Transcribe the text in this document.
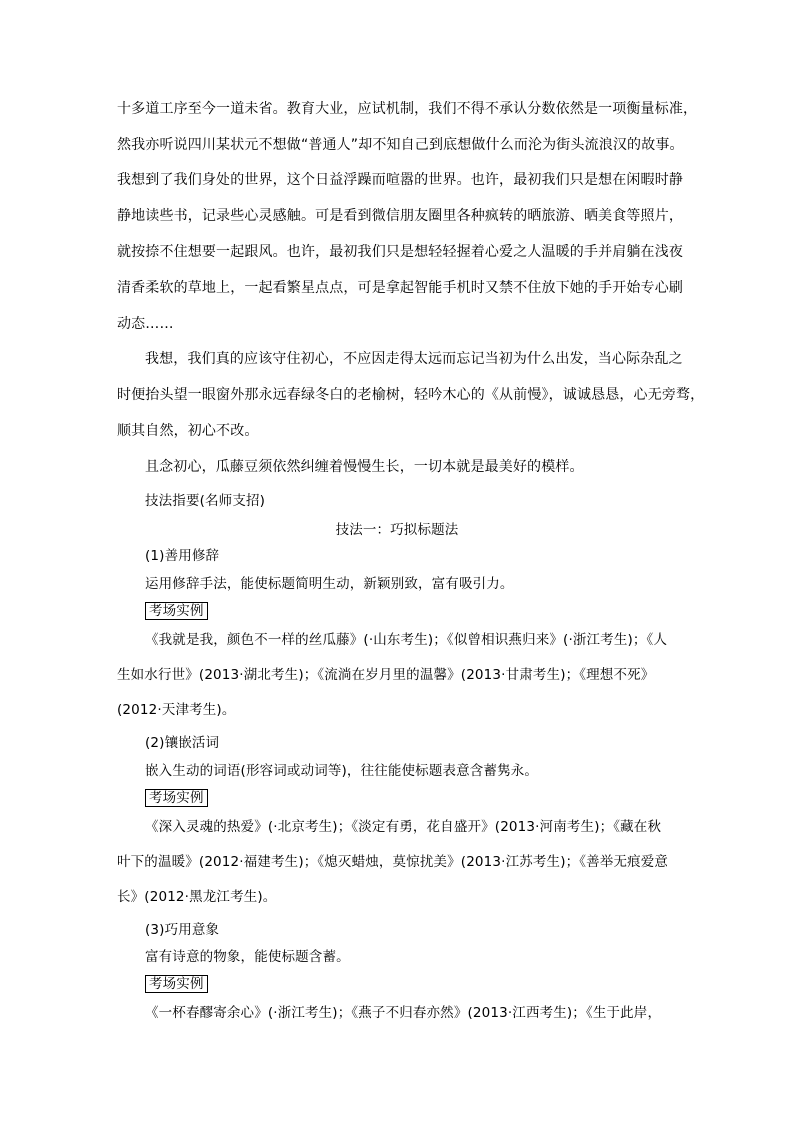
十多道工序至今一道未省。教育大业，应试机制，我们不得不承认分数依然是一项衡量标准，
然我亦听说四川某状元不想做“普通人”却不知自己到底想做什么而沦为街头流浪汉的故事。
我想到了我们身处的世界，这个日益浮躁而喧嚣的世界。也许，最初我们只是想在闲暇时静
静地读些书，记录些心灵感触。可是看到微信朋友圈里各种疯转的晒旅游、晒美食等照片，
就按捺不住想要一起跟风。也许，最初我们只是想轻轻握着心爱之人温暖的手并肩躺在浅夜
清香柔软的草地上，一起看繁星点点，可是拿起智能手机时又禁不住放下她的手开始专心刷
动态……
我想，我们真的应该守住初心，不应因走得太远而忘记当初为什么出发，当心际杂乱之
时便抬头望一眼窗外那永远春绿冬白的老榆树，轻吟木心的《从前慢》，诚诚恳恳，心无旁骛，
顺其自然，初心不改。
且念初心，瓜藤豆须依然纠缠着慢慢生长，一切本就是最美好的模样。
技法指要(名师支招)
技法一：巧拟标题法
(1)善用修辞
运用修辞手法，能使标题简明生动，新颖别致，富有吸引力。
考场实例
《我就是我，颜色不一样的丝瓜藤》(·山东考生)；《似曾相识燕归来》(·浙江考生)；《人
生如水行世》(2013·湖北考生)；《流淌在岁月里的温馨》(2013·甘肃考生)；《理想不死》
(2012·天津考生)。
(2)镶嵌活词
嵌入生动的词语(形容词或动词等)，往往能使标题表意含蓄隽永。
考场实例
《深入灵魂的热爱》(·北京考生)；《淡定有勇，花自盛开》(2013·河南考生)；《藏在秋
叶下的温暖》(2012·福建考生)；《熄灭蜡烛，莫惊扰美》(2013·江苏考生)；《善举无痕爱意
长》(2012·黑龙江考生)。
(3)巧用意象
富有诗意的物象，能使标题含蓄。
考场实例
《一杯春醪寄余心》(·浙江考生)；《燕子不归春亦然》(2013·江西考生)；《生于此岸，
